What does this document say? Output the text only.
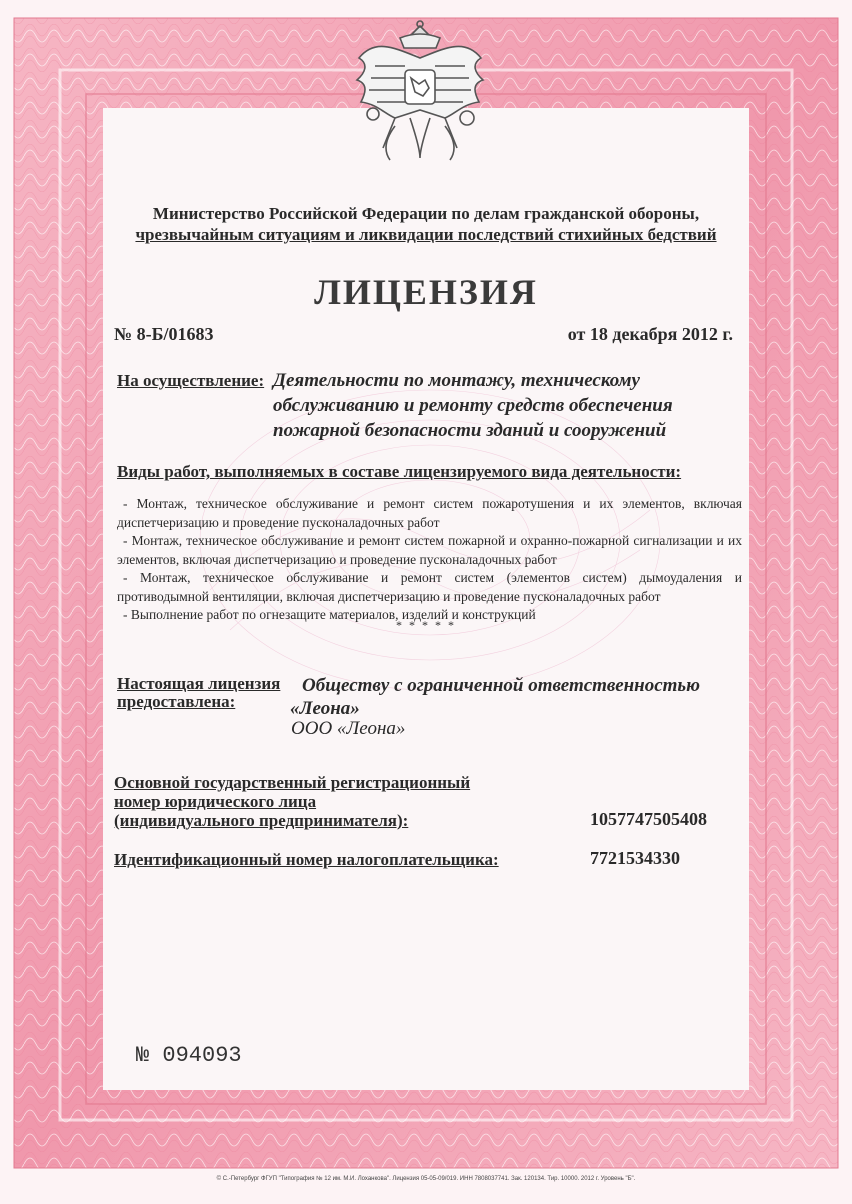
Министерство Российской Федерации по делам гражданской обороны,
чрезвычайным ситуациям и ликвидации последствий стихийных бедствий
ЛИЦЕНЗИЯ
№ 8-Б/01683	от 18 декабря 2012 г.
На осуществление: Деятельности по монтажу, техническому
обслуживанию и ремонту средств обеспечения
пожарной безопасности зданий и сооружений
Виды работ, выполняемых в составе лицензируемого вида деятельности:

- Монтаж, техническое обслуживание и ремонт систем пожаротушения и их элементов, включая диспетчеризацию и проведение пусконаладочных работ

- Монтаж, техническое обслуживание и ремонт систем пожарной и охранно-пожарной сигнализации и их элементов, включая диспетчеризацию и проведение пусконаладочных работ

- Монтаж, техническое обслуживание и ремонт систем (элементов систем) дымоудаления и противодымной вентиляции, включая диспетчеризацию и проведение пусконаладочных работ

- Выполнение работ по огнезащите материалов, изделий и конструкций

* * * * *
Настоящая лицензия
предоставлена:
Обществу с ограниченной ответственностью
«Леона»
ООО «Леона»
Основной государственный регистрационный
номер юридического лица
(индивидуального предпринимателя):	1057747505408
Идентификационный номер налогоплательщика:	7721534330
№ 094093
© С.-Петербург ФГУП "Типография № 12 им. М.И. Лоханкова". Лицензия 05-05-09/019. ИНН 7808037741. Зак. 120134. Тир. 10000. 2012 г. Уровень "Б".
